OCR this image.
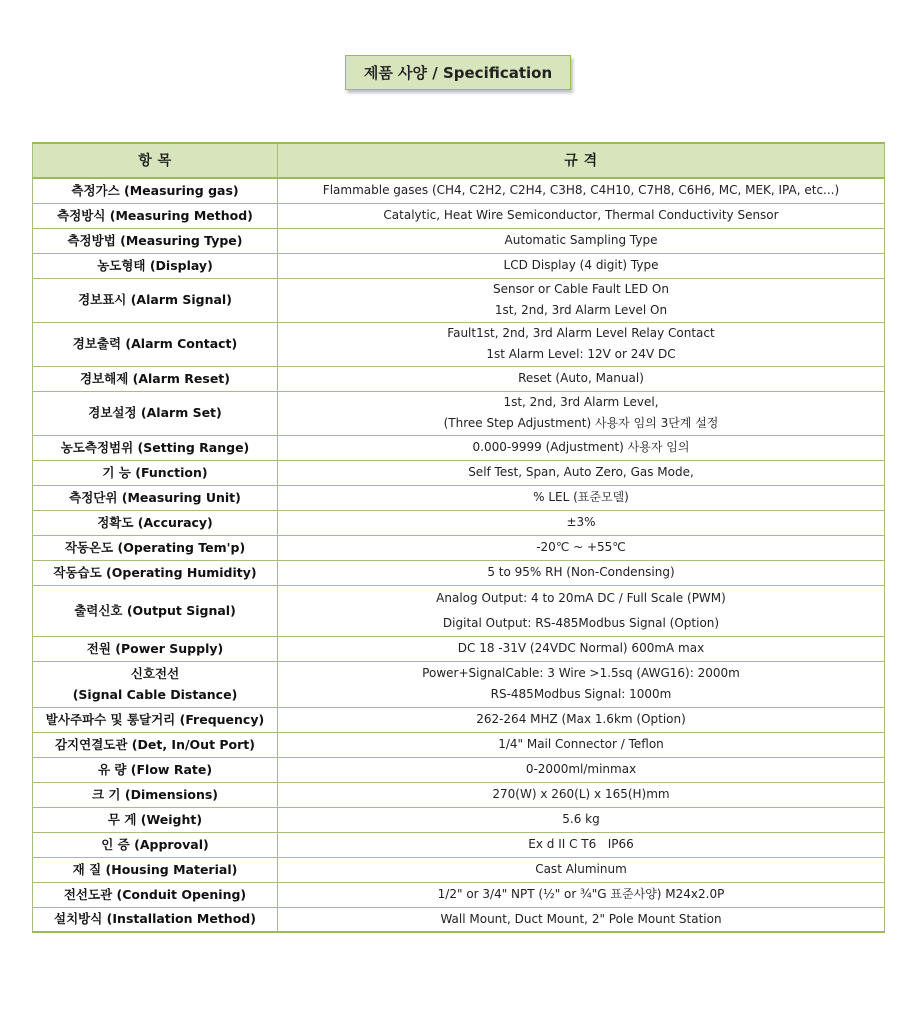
제품 사양 / Specification
항 목	규 격
측정가스 (Measuring gas)	Flammable gases (CH4, C2H2, C2H4, C3H8, C4H10, C7H8, C6H6, MC, MEK, IPA, etc...)

측정방식 (Measuring Method)	Catalytic, Heat Wire Semiconductor, Thermal Conductivity Sensor

측정방법 (Measuring Type)	Automatic Sampling Type

농도형태 (Display)	LCD Display (4 digit) Type

경보표시 (Alarm Signal)	Sensor or Cable Fault LED On
1st, 2nd, 3rd Alarm Level On

경보출력 (Alarm Contact)	Fault1st, 2nd, 3rd Alarm Level Relay Contact
1st Alarm Level: 12V or 24V DC

경보해제 (Alarm Reset)	Reset (Auto, Manual)

경보설정 (Alarm Set)	1st, 2nd, 3rd Alarm Level,
(Three Step Adjustment) 사용자 임의 3단계 설정

농도측정범위 (Setting Range)	0.000-9999 (Adjustment) 사용자 임의

기 능 (Function)	Self Test, Span, Auto Zero, Gas Mode,

측정단위 (Measuring Unit)	% LEL (표준모델)

정확도 (Accuracy)	±3%

작동온도 (Operating Tem'p)	-20℃ ~ +55℃

작동습도 (Operating Humidity)	5 to 95% RH (Non-Condensing)

출력신호 (Output Signal)	Analog Output: 4 to 20mA DC / Full Scale (PWM)
Digital Output: RS-485Modbus Signal (Option)

전원 (Power Supply)	DC 18 -31V (24VDC Normal) 600mA max

신호전선
(Signal Cable Distance)	Power+SignalCable: 3 Wire >1.5sq (AWG16): 2000m
RS-485Modbus Signal: 1000m

발사주파수 및 통달거리 (Frequency)	262-264 MHZ (Max 1.6km (Option)

감지연결도관 (Det, In/Out Port)	1/4" Mail Connector / Teflon

유 량 (Flow Rate)	0-2000ml/minmax

크 기 (Dimensions)	270(W) x 260(L) x 165(H)mm

무 게 (Weight)	5.6 kg

인 증 (Approval)	Ex d II C T6   IP66

재 질 (Housing Material)	Cast Aluminum

전선도관 (Conduit Opening)	1/2" or 3/4" NPT (½" or ¾"G 표준사양) M24x2.0P

설치방식 (Installation Method)	Wall Mount, Duct Mount, 2" Pole Mount Station
